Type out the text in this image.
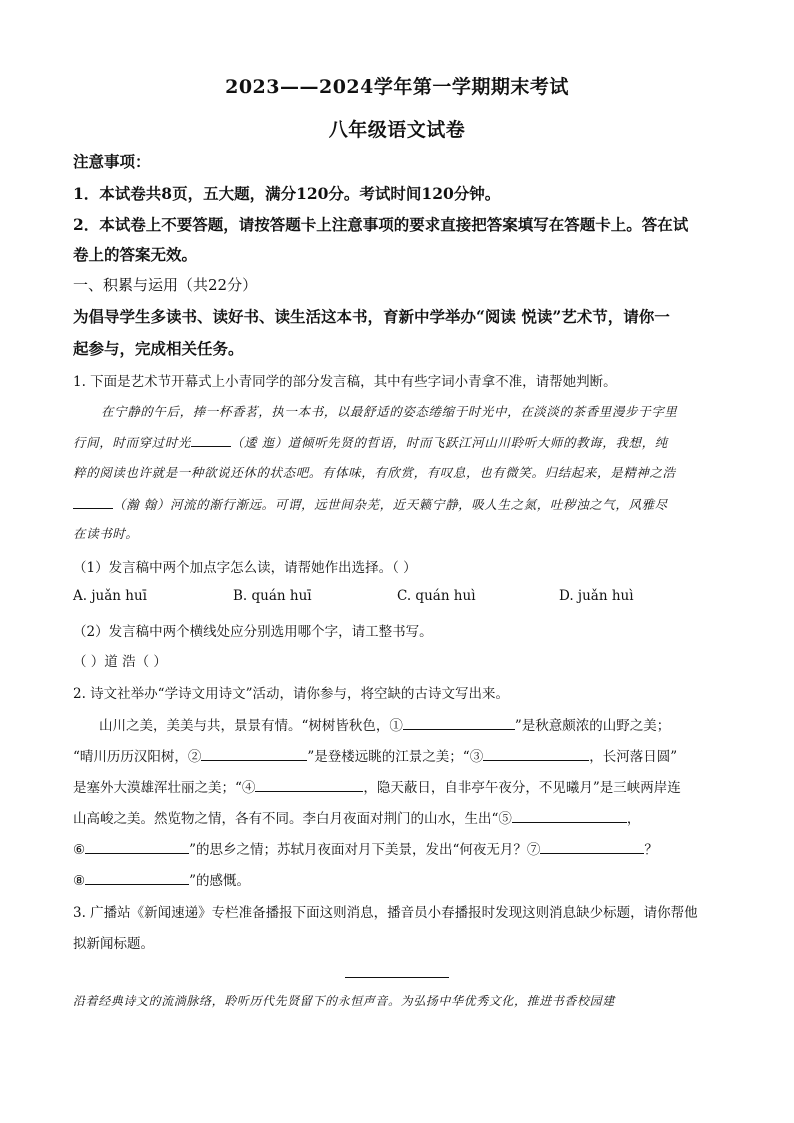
2023——2024学年第一学期期末考试
八年级语文试卷
注意事项：
1．本试卷共8页，五大题，满分120分。考试时间120分钟。
2．本试卷上不要答题，请按答题卡上注意事项的要求直接把答案填写在答题卡上。答在试
卷上的答案无效。
一、积累与运用（共22分）
为倡导学生多读书、读好书、读生活这本书，育新中学举办“阅读 悦读”艺术节，请你一
起参与，完成相关任务。
1. 下面是艺术节开幕式上小青同学的部分发言稿，其中有些字词小青拿不准，请帮她判断。
在宁静的午后，捧一杯香茗，执一本书，以最舒适的姿态绻缩于时光中，在淡淡的茶香里漫步于字里
行间，时而穿过时光	（逶 迤）道倾听先贤的哲语，时而飞跃江河山川聆听大师的教诲，我想，纯
粹的阅读也许就是一种欲说还休的状态吧。有体味，有欣赏，有叹息，也有微笑。归结起来，是精神之浩
（瀚 翰）河流的渐行渐远。可谓，远世间杂芜，近天籁宁静，吸人生之氮，吐秽浊之气，风雅尽
在读书时。
（1）发言稿中两个加点字怎么读，请帮她作出选择。（ ）
A. juǎn huī	B. quán huī	C. quán huì	D. juǎn huì
（2）发言稿中两个横线处应分别选用哪个字，请工整书写。
（ ）道 浩（ ）
2. 诗文社举办“学诗文用诗文”活动，请你参与，将空缺的古诗文写出来。
山川之美，美美与共，景景有情。“树树皆秋色，①	”是秋意颇浓的山野之美；
“晴川历历汉阳树，②	”是登楼远眺的江景之美；“③	，长河落日圆”
是塞外大漠雄浑壮丽之美；“④	，隐天蔽日，自非亭午夜分，不见曦月”是三峡两岸连
山高峻之美。然览物之情，各有不同。李白月夜面对荆门的山水，生出“⑤	，
⑥	”的思乡之情；苏轼月夜面对月下美景，发出“何夜无月？⑦	？
⑧	”的感慨。
3. 广播站《新闻速递》专栏准备播报下面这则消息，播音员小春播报时发现这则消息缺少标题，请你帮他
拟新闻标题。
沿着经典诗文的流淌脉络，聆听历代先贤留下的永恒声音。为弘扬中华优秀文化，推进书香校园建
